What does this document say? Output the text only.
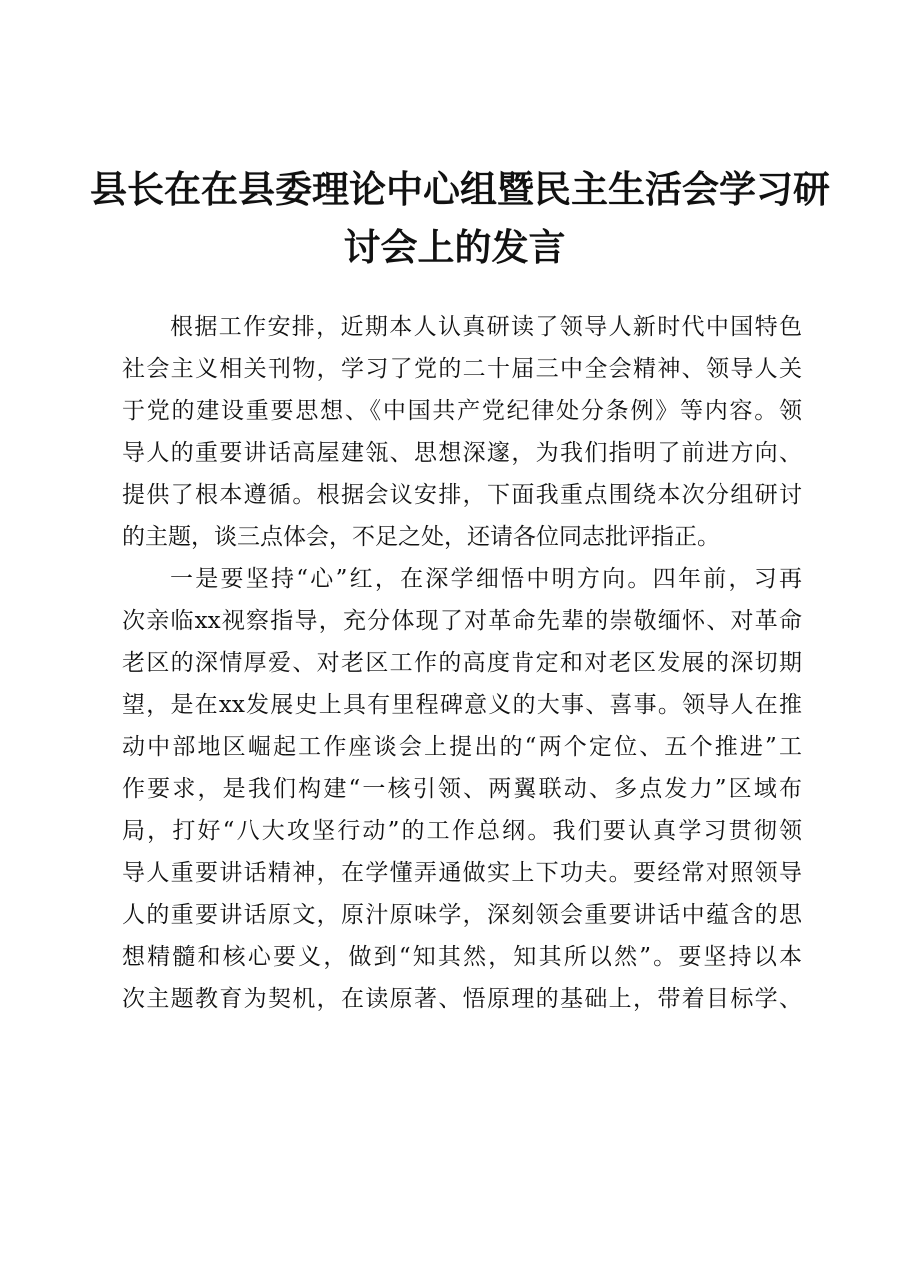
县长在在县委理论中心组暨民主生活会学习研
讨会上的发言
根据工作安排，近期本人认真研读了领导人新时代中国特色
社会主义相关刊物，学习了党的二十届三中全会精神、领导人关
于党的建设重要思想、《中国共产党纪律处分条例》等内容。领
导人的重要讲话高屋建瓴、思想深邃，为我们指明了前进方向、
提供了根本遵循。根据会议安排，下面我重点围绕本次分组研讨
的主题，谈三点体会，不足之处，还请各位同志批评指正。
一是要坚持“心”红，在深学细悟中明方向。四年前，习再
次亲临xx视察指导，充分体现了对革命先辈的崇敬缅怀、对革命
老区的深情厚爱、对老区工作的高度肯定和对老区发展的深切期
望，是在xx发展史上具有里程碑意义的大事、喜事。领导人在推
动中部地区崛起工作座谈会上提出的“两个定位、五个推进”工
作要求，是我们构建“一核引领、两翼联动、多点发力”区域布
局，打好“八大攻坚行动”的工作总纲。我们要认真学习贯彻领
导人重要讲话精神，在学懂弄通做实上下功夫。要经常对照领导
人的重要讲话原文，原汁原味学，深刻领会重要讲话中蕴含的思
想精髓和核心要义，做到“知其然，知其所以然”。要坚持以本
次主题教育为契机，在读原著、悟原理的基础上，带着目标学、
